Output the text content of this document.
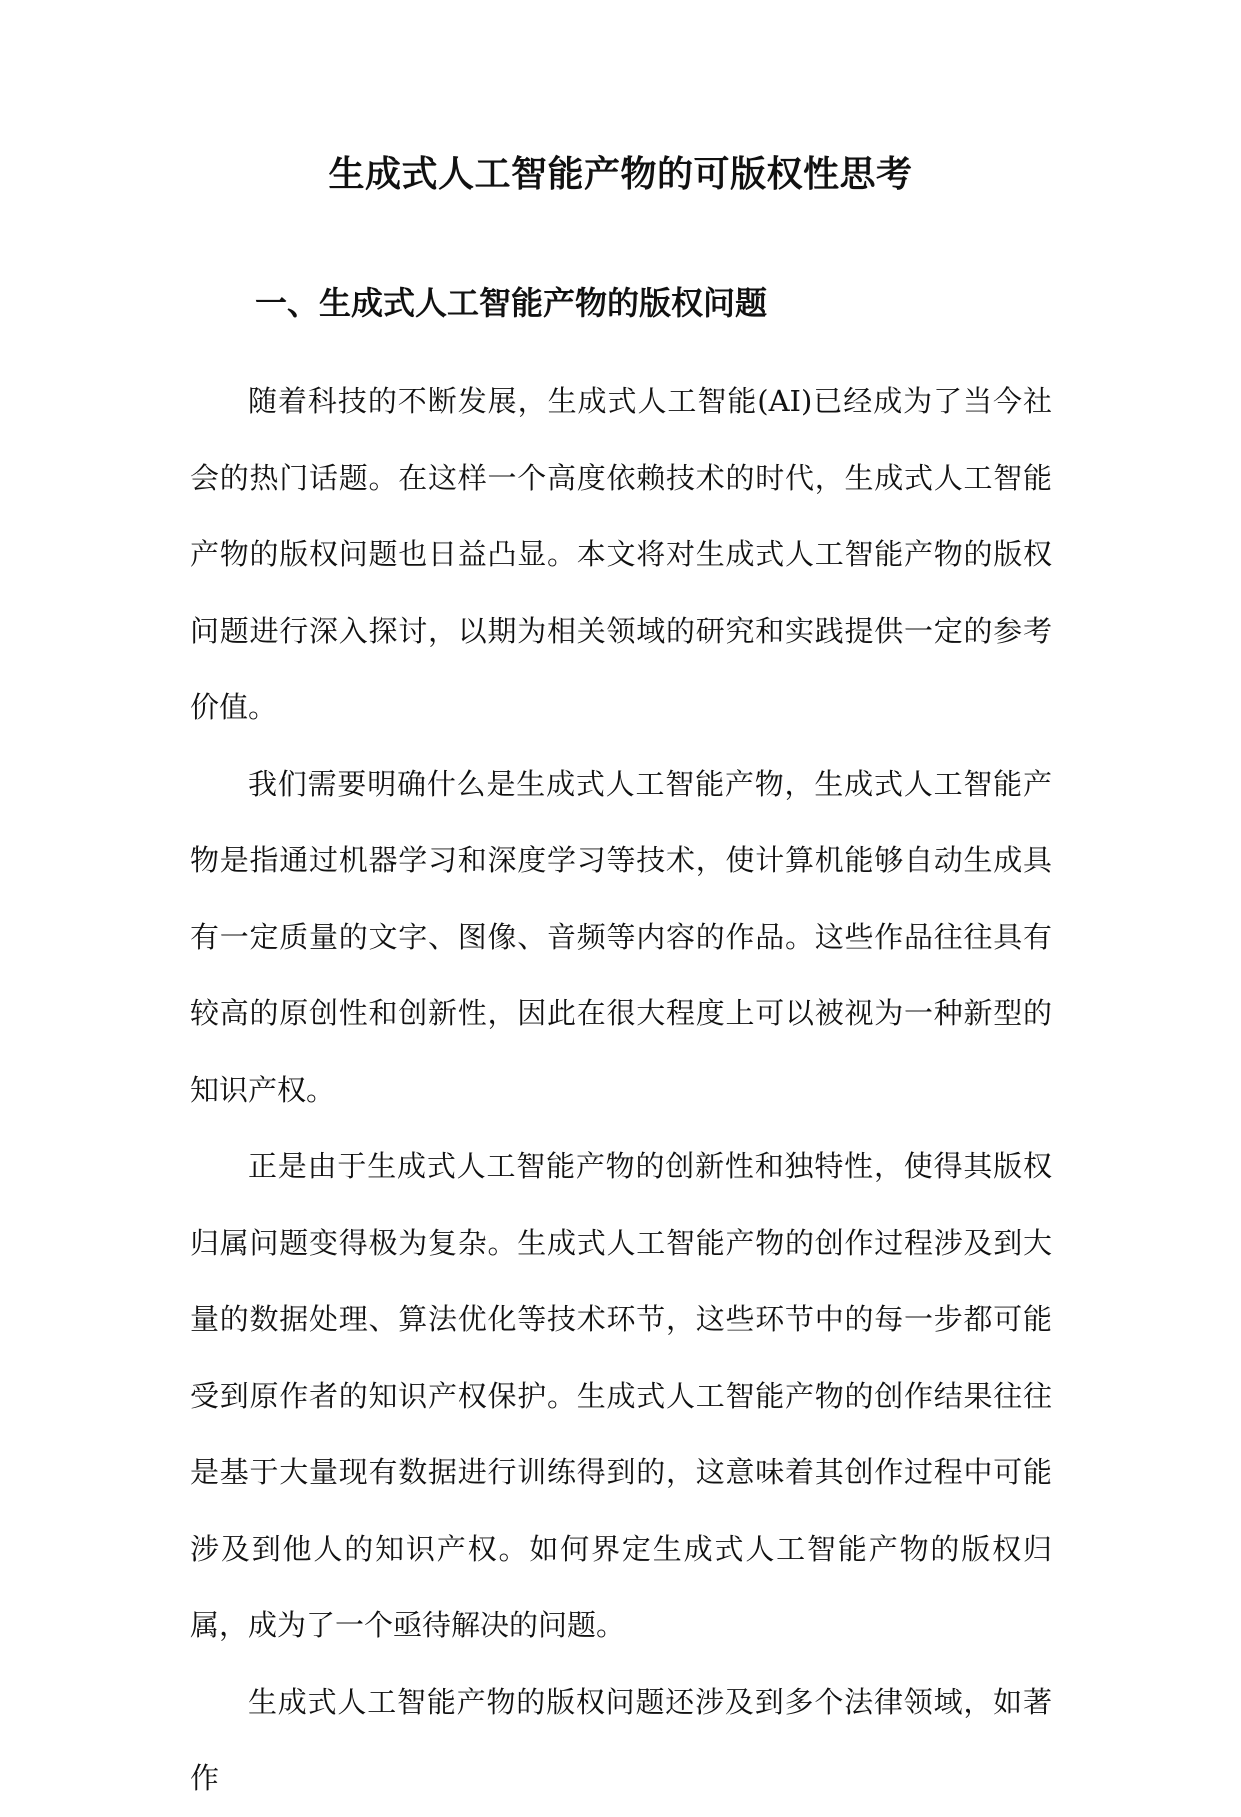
生成式人工智能产物的可版权性思考
一、生成式人工智能产物的版权问题

随着科技的不断发展，生成式人工智能(AI)已经成为了当今社会的热门话题。在这样一个高度依赖技术的时代，生成式人工智能产物的版权问题也日益凸显。本文将对生成式人工智能产物的版权问题进行深入探讨，以期为相关领域的研究和实践提供一定的参考价值。

我们需要明确什么是生成式人工智能产物，生成式人工智能产物是指通过机器学习和深度学习等技术，使计算机能够自动生成具有一定质量的文字、图像、音频等内容的作品。这些作品往往具有较高的原创性和创新性，因此在很大程度上可以被视为一种新型的知识产权。

正是由于生成式人工智能产物的创新性和独特性，使得其版权归属问题变得极为复杂。生成式人工智能产物的创作过程涉及到大量的数据处理、算法优化等技术环节，这些环节中的每一步都可能受到原作者的知识产权保护。生成式人工智能产物的创作结果往往是基于大量现有数据进行训练得到的，这意味着其创作过程中可能涉及到他人的知识产权。如何界定生成式人工智能产物的版权归属，成为了一个亟待解决的问题。

生成式人工智能产物的版权问题还涉及到多个法律领域，如著作
